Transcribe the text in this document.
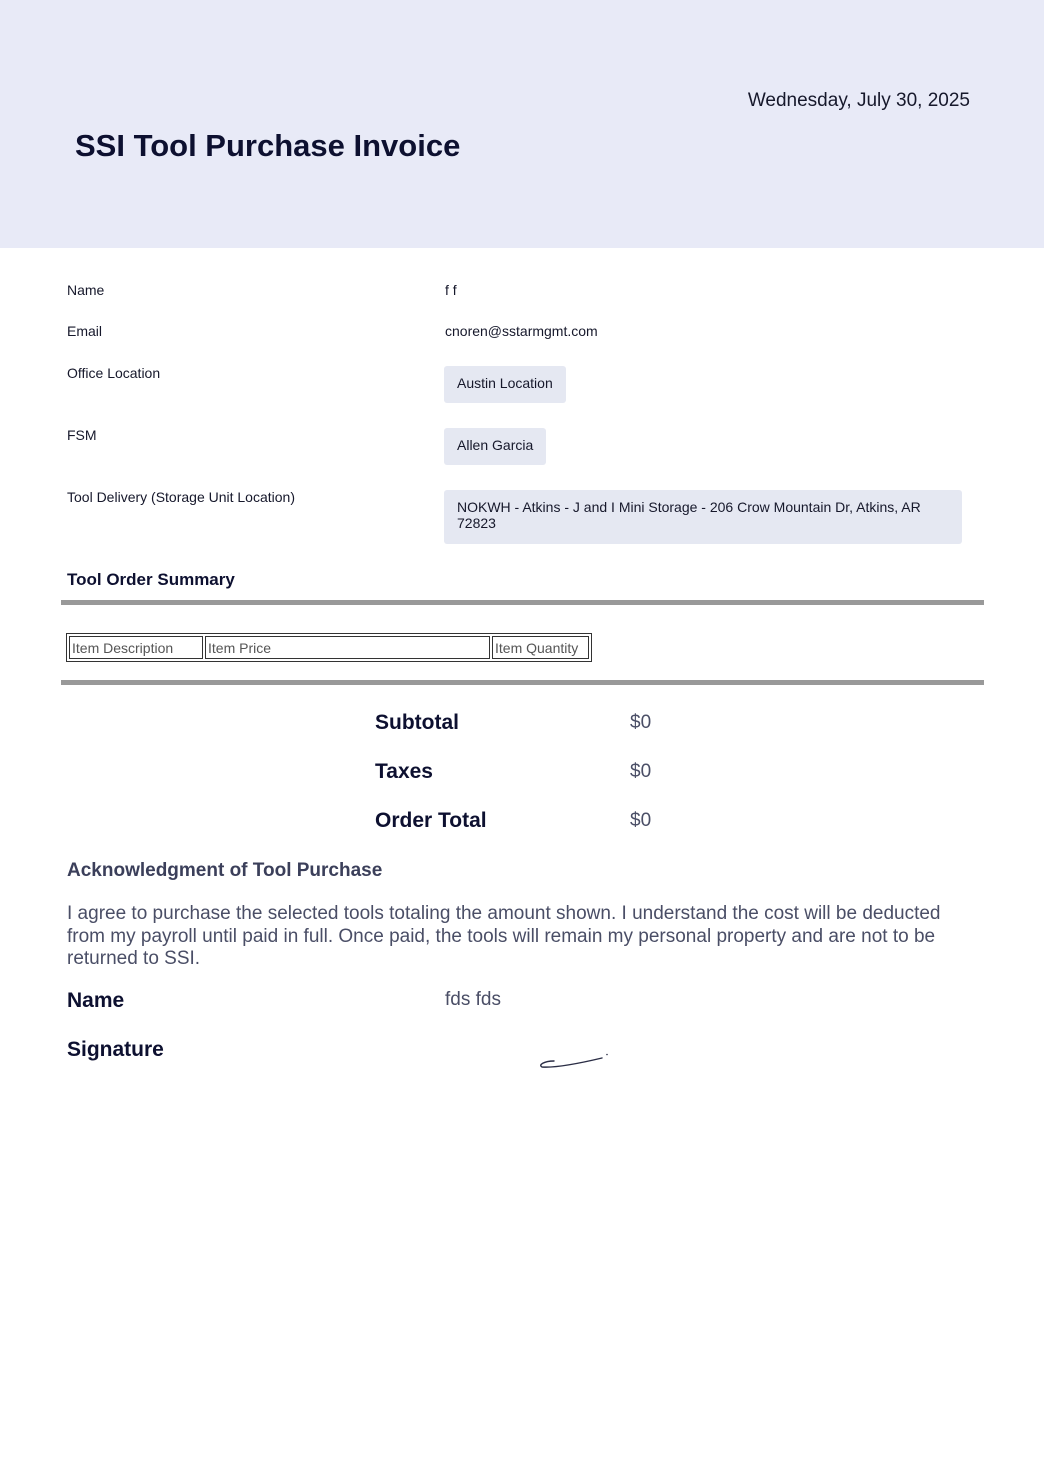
Wednesday, July 30, 2025
SSI Tool Purchase Invoice
Name	f f
Email	cnoren@sstarmgmt.com
Office Location
Austin Location
FSM
Allen Garcia
Tool Delivery (Storage Unit Location)
NOKWH - Atkins - J and I Mini Storage - 206 Crow Mountain Dr, Atkins, AR 72823
Tool Order Summary
Item Description	Item Price	Item Quantity
Subtotal	$0
Taxes	$0
Order Total	$0
Acknowledgment of Tool Purchase

I agree to purchase the selected tools totaling the amount shown. I understand the cost will be deducted from my payroll until paid in full. Once paid, the tools will remain my personal property and are not to be returned to SSI.

Name	fds fds
Signature
